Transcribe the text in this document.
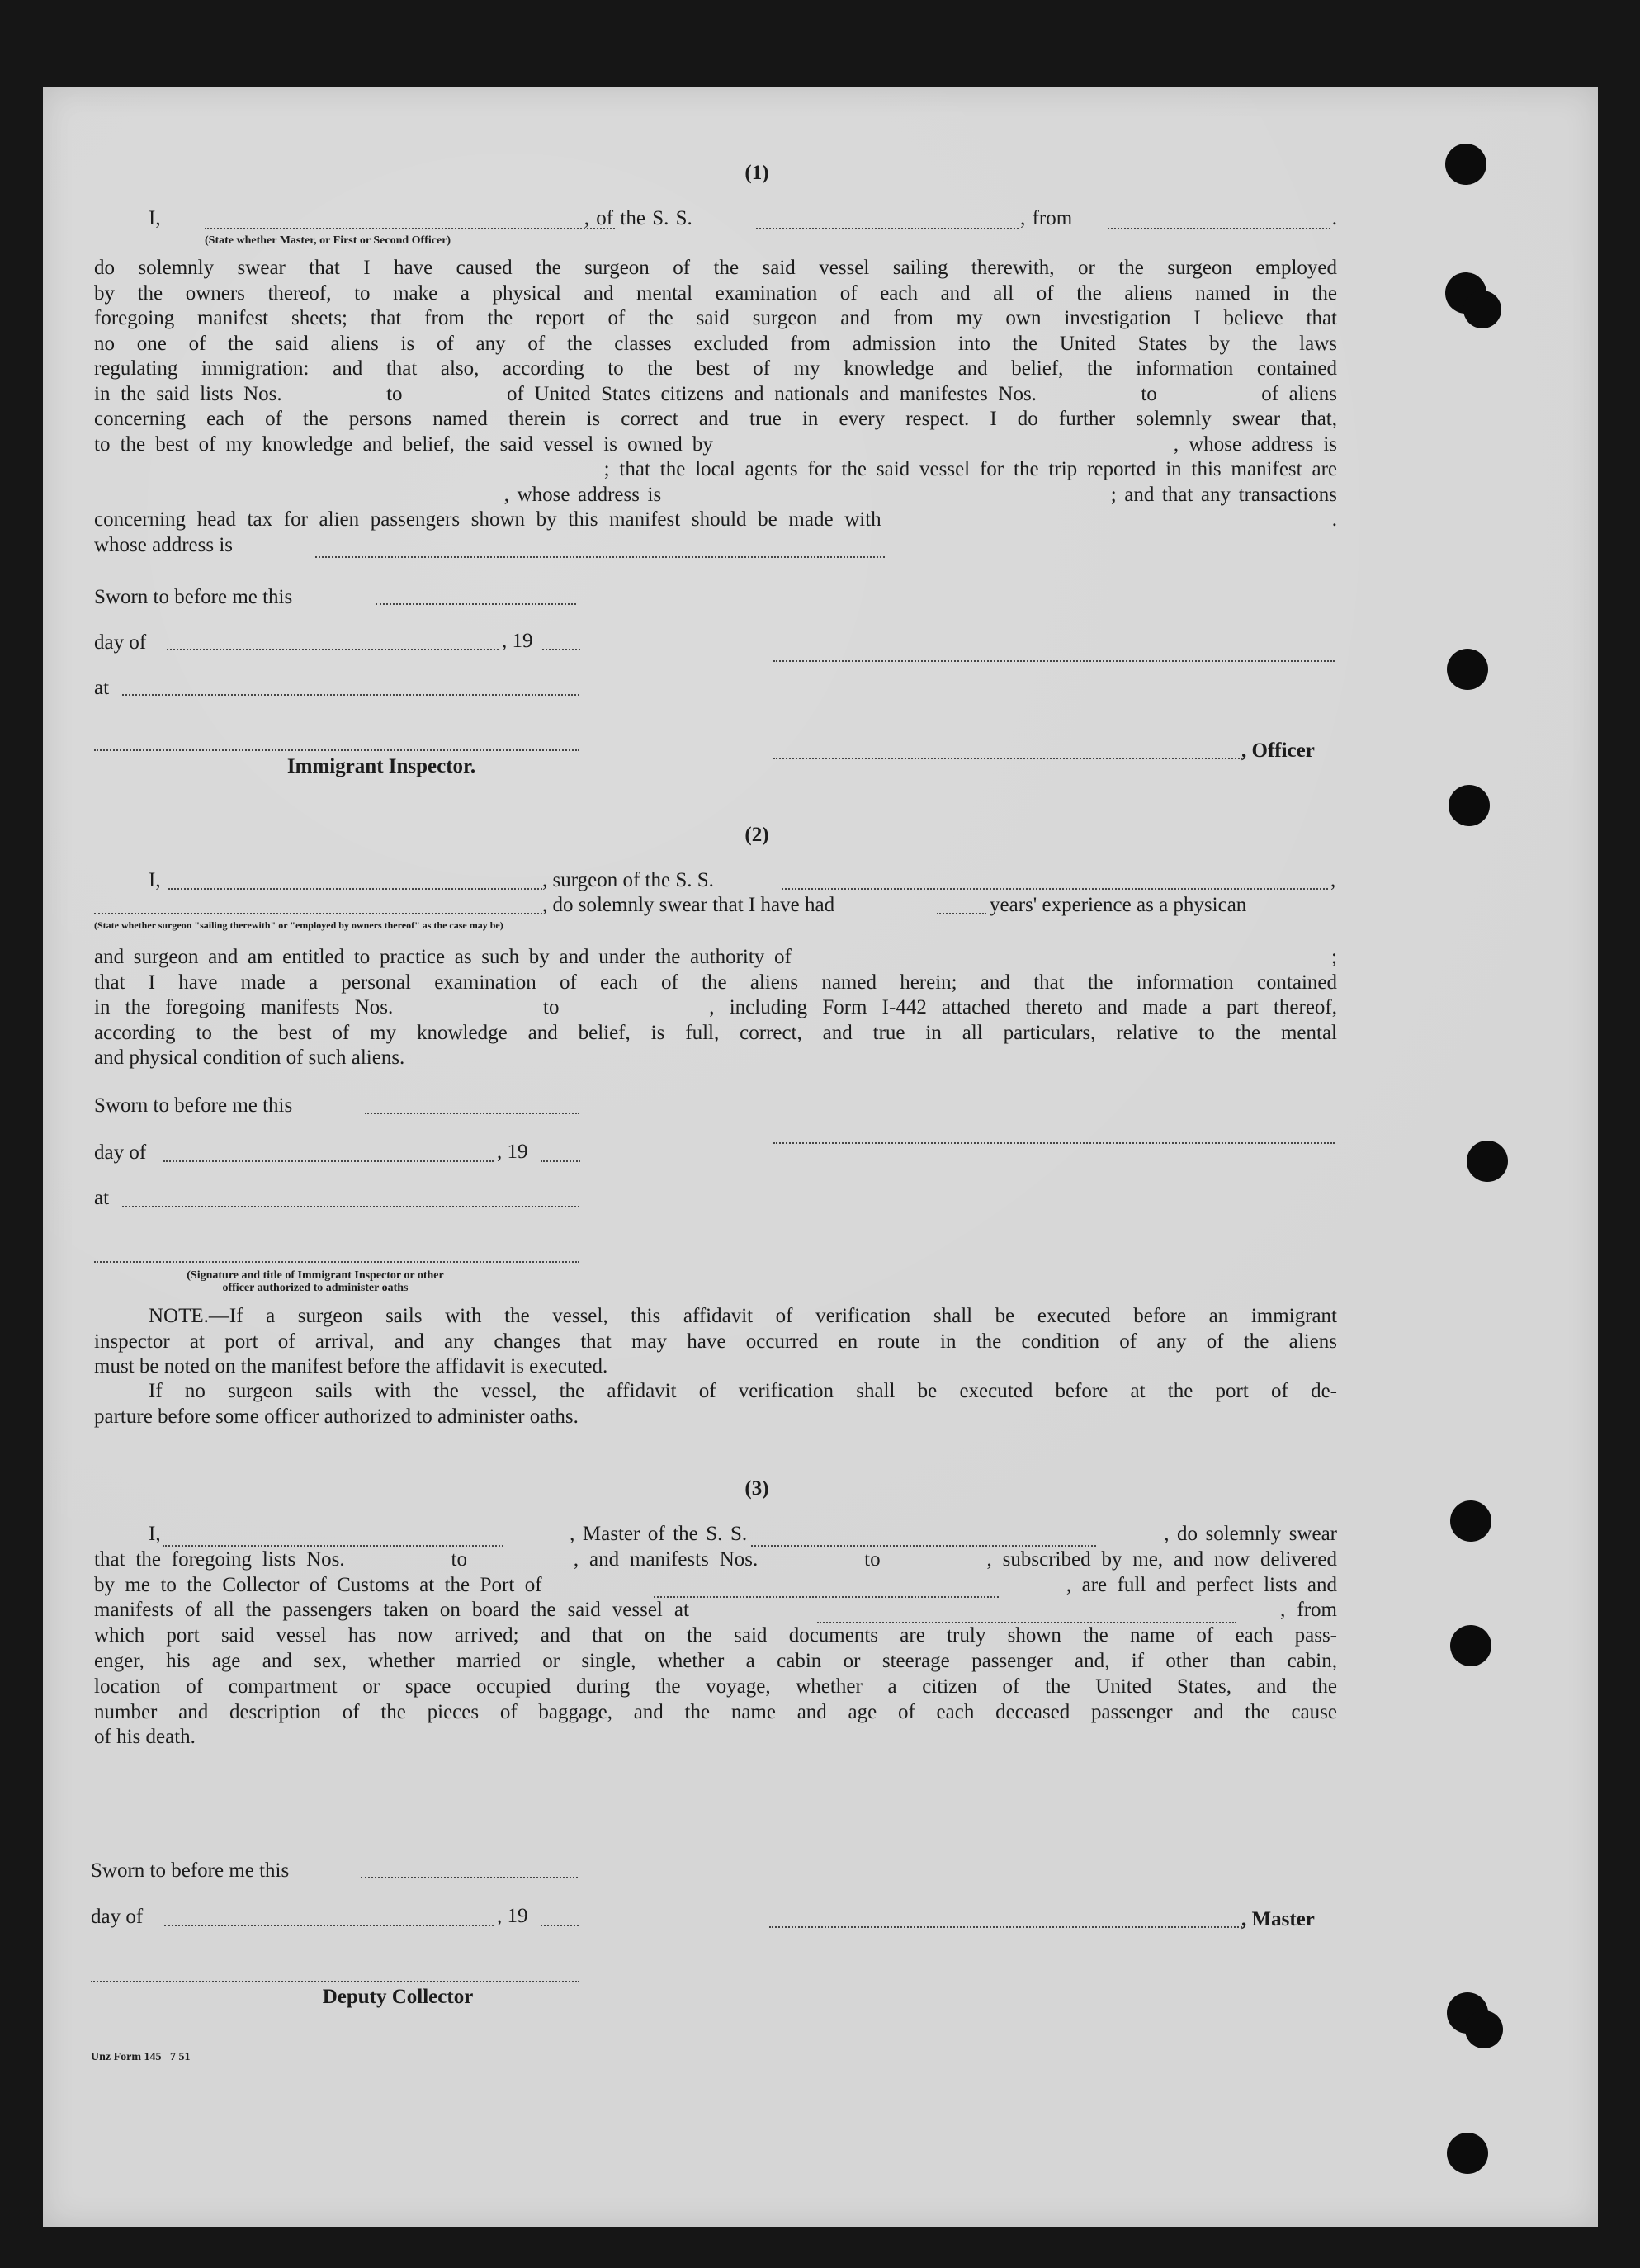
(1)
I,                                                              , of the S. S.                                                , from                                      .
(State whether Master, or First or Second Officer)
do solemnly swear that I have caused the surgeon of the said vessel sailing therewith, or the surgeon employed
by the owners thereof, to make a physical and mental examination of each and all of the aliens named in the
foregoing manifest sheets; that from the report of the said surgeon and from my own investigation I believe that
no one of the said aliens is of any of the classes excluded from admission into the United States by the laws
regulating immigration: and that also, according to the best of my knowledge and belief, the information contained
in the said lists Nos.          to          of United States citizens and nationals and manifestes Nos.          to          of aliens
concerning each of the persons named therein is correct and true in every respect. I do further solemnly swear that,
to the best of my knowledge and belief, the said vessel is owned by                                              , whose address is
; that the local agents for the said vessel for the trip reported in this manifest are
, whose address is                                                         ; and that any transactions
concerning head tax for alien passengers shown by this manifest should be made with                                        .
whose address is
Sworn to before me this
day of	, 19
at
Immigrant Inspector.
, Officer
(2)
I,	, surgeon of the S. S.	,
, do solemnly swear that I have had	years' experience as a physican
(State whether surgeon "sailing therewith" or "employed by owners thereof" as the case may be)
and surgeon and am entitled to practice as such by and under the authority of                                                        ;
that I have made a personal examination of each of the aliens named herein; and that the information contained
in the foregoing manifests Nos.          to          , including Form I-442 attached thereto and made a part thereof,
according to the best of my knowledge and belief, is full, correct, and true in all particulars, relative to the mental
and physical condition of such aliens.
Sworn to before me this
day of	, 19
at
(Signature and title of Immigrant Inspector or other
officer authorized to administer oaths
NOTE.—If a surgeon sails with the vessel, this affidavit of verification shall be executed before an immigrant
inspector at port of arrival, and any changes that may have occurred en route in the condition of any of the aliens
must be noted on the manifest before the affidavit is executed.
If no surgeon sails with the vessel, the affidavit of verification shall be executed before at the port of de-
parture before some officer authorized to administer oaths.
(3)
I,                                                    , Master of the S. S.                                                     , do solemnly swear
that the foregoing lists Nos.          to          , and manifests Nos.          to          , subscribed by me, and now delivered
by me to the Collector of Customs at the Port of                                                   , are full and perfect lists and
manifests of all the passengers taken on board the said vessel at                                                   , from
which port said vessel has now arrived; and that on the said documents are truly shown the name of each pass-
enger, his age and sex, whether married or single, whether a cabin or steerage passenger and, if other than cabin,
location of compartment or space occupied during the voyage, whether a citizen of the United States, and the
number and description of the pieces of baggage, and the name and age of each deceased passenger and the cause
of his death.
Sworn to before me this
day of	, 19	, Master
Deputy Collector
Unz Form 145   7 51
